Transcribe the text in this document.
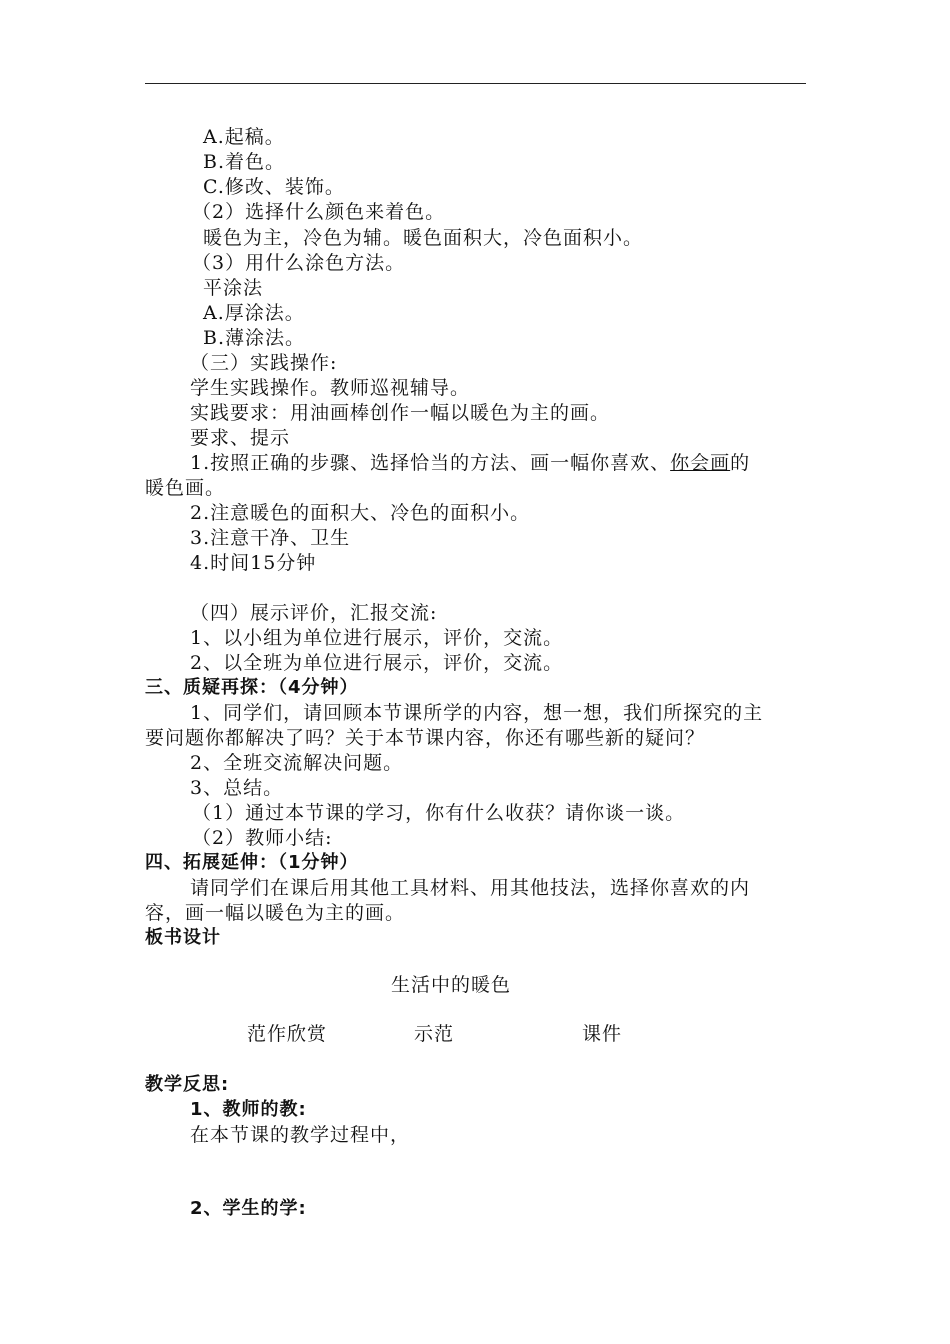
A.起稿。
B.着色。
C.修改、装饰。
（2）选择什么颜色来着色。
暖色为主，冷色为辅。暖色面积大，冷色面积小。
（3）用什么涂色方法。
平涂法
A.厚涂法。
B.薄涂法。
（三）实践操作:
学生实践操作。教师巡视辅导。
实践要求：用油画棒创作一幅以暖色为主的画。
要求、提示
1.按照正确的步骤、选择恰当的方法、画一幅你喜欢、你会画的
暖色画。
2.注意暖色的面积大、冷色的面积小。
3.注意干净、卫生
4.时间15分钟
（四）展示评价，汇报交流:
1、以小组为单位进行展示，评价，交流。
2、以全班为单位进行展示，评价，交流。
三、质疑再探：（4分钟）
1、同学们，请回顾本节课所学的内容，想一想，我们所探究的主
要问题你都解决了吗？关于本节课内容，你还有哪些新的疑问？
2、全班交流解决问题。
3、总结。
（1）通过本节课的学习，你有什么收获？请你谈一谈。
（2）教师小结:
四、拓展延伸：（1分钟）
请同学们在课后用其他工具材料、用其他技法，选择你喜欢的内
容，画一幅以暖色为主的画。
板书设计
生活中的暖色
范作欣赏	示范	课件
教学反思:
1、教师的教:
在本节课的教学过程中，
2、学生的学:
